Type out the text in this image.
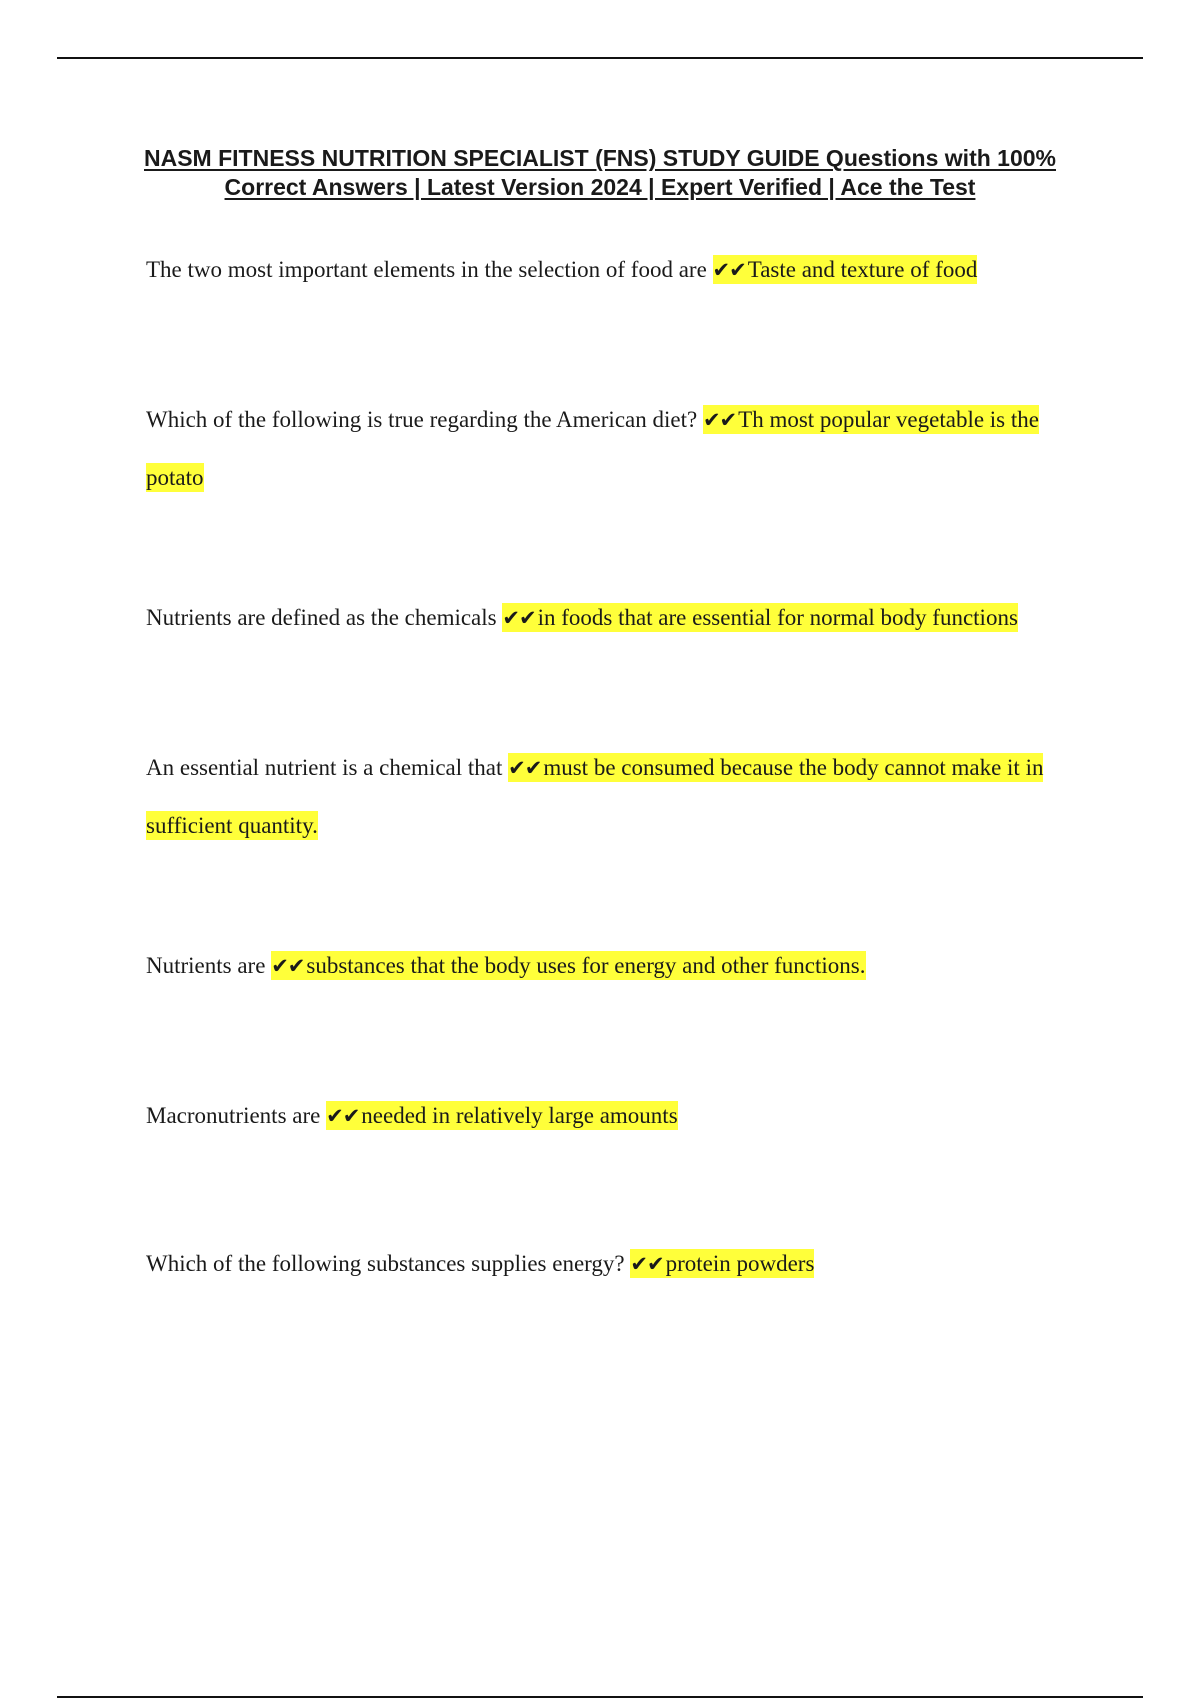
NASM FITNESS NUTRITION SPECIALIST (FNS) STUDY GUIDE Questions with 100% Correct Answers | Latest Version 2024 | Expert Verified | Ace the Test

The two most important elements in the selection of food are ✔✔Taste and texture of food

Which of the following is true regarding the American diet? ✔✔Th most popular vegetable is the potato

Nutrients are defined as the chemicals ✔✔in foods that are essential for normal body functions

An essential nutrient is a chemical that ✔✔must be consumed because the body cannot make it in sufficient quantity.

Nutrients are ✔✔substances that the body uses for energy and other functions.

Macronutrients are ✔✔needed in relatively large amounts

Which of the following substances supplies energy? ✔✔protein powders
